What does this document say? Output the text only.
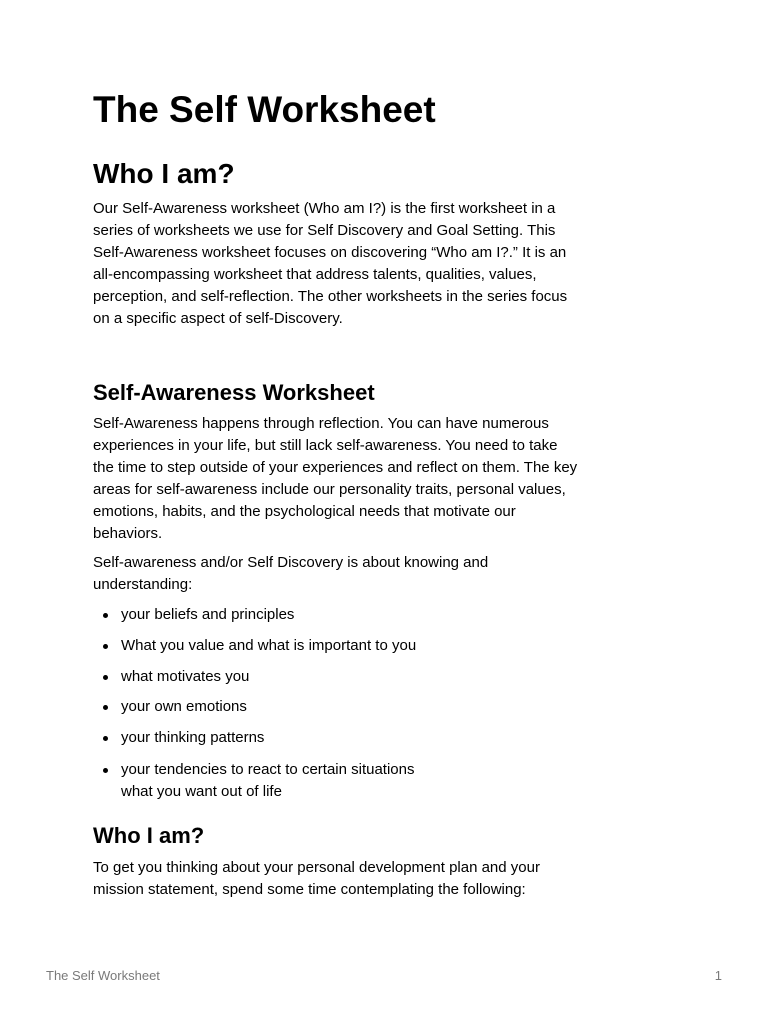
The Self Worksheet
Who I am?

Our Self-Awareness worksheet (Who am I?) is the first worksheet in a series of worksheets we use for Self Discovery and Goal Setting. This Self-Awareness worksheet focuses on discovering “Who am I?.” It is an all-encompassing worksheet that address talents, qualities, values, perception, and self-reflection. The other worksheets in the series focus on a specific aspect of self-Discovery.

Self-Awareness Worksheet

Self-Awareness happens through reflection. You can have numerous experiences in your life, but still lack self-awareness. You need to take the time to step outside of your experiences and reflect on them. The key areas for self-awareness include our personality traits, personal values, emotions, habits, and the psychological needs that motivate our behaviors.

Self-awareness and/or Self Discovery is about knowing and understanding:

your beliefs and principles
What you value and what is important to you
what motivates you
your own emotions
your thinking patterns
your tendencies to react to certain situations
what you want out of life
Who I am?

To get you thinking about your personal development plan and your mission statement, spend some time contemplating the following:

The Self Worksheet	1
